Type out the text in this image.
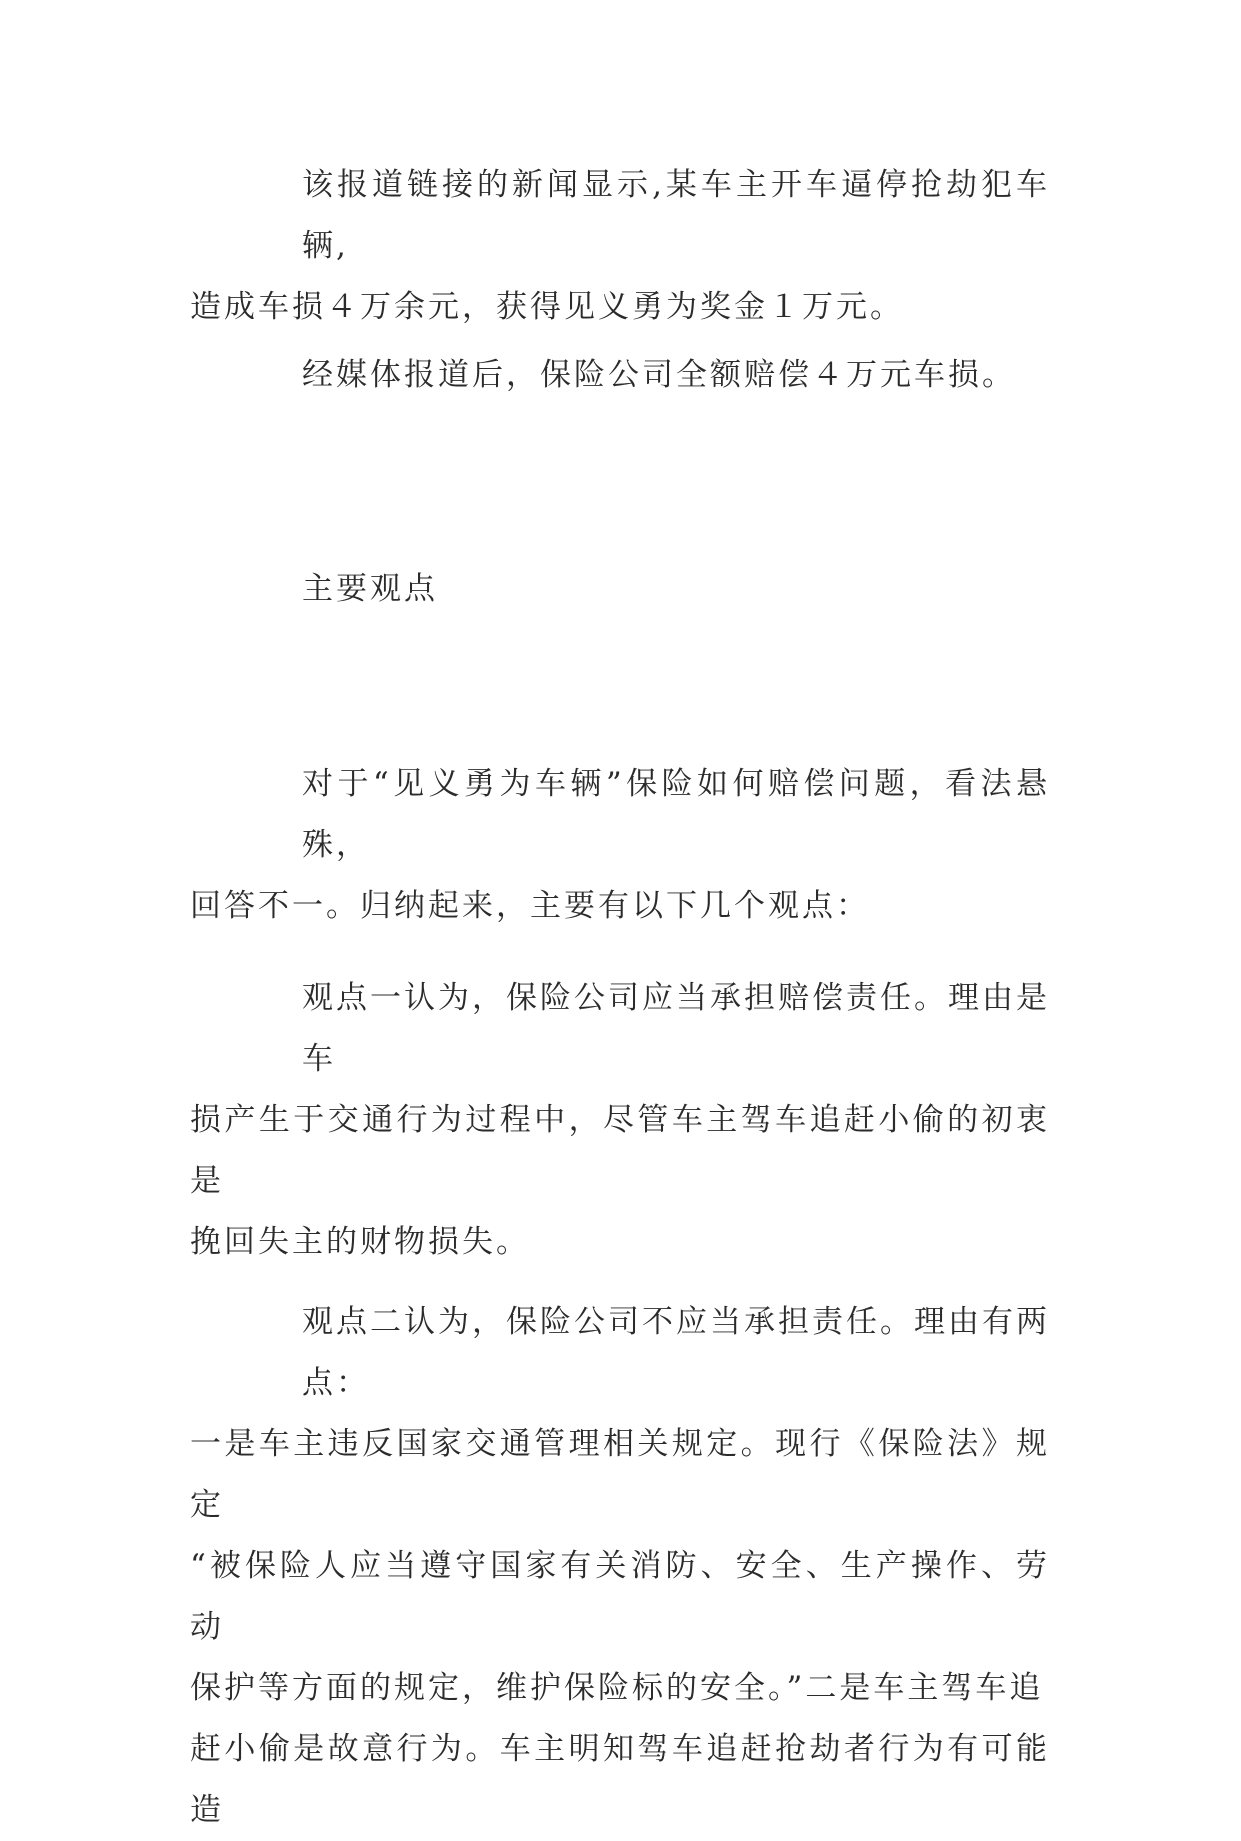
该报道链接的新闻显示,某车主开车逼停抢劫犯车辆,
造成车损４万余元，获得见义勇为奖金１万元。
经媒体报道后，保险公司全额赔偿４万元车损。
主要观点
对于“见义勇为车辆”保险如何赔偿问题，看法悬殊，
回答不一。归纳起来，主要有以下几个观点：
观点一认为，保险公司应当承担赔偿责任。理由是车
损产生于交通行为过程中，尽管车主驾车追赶小偷的初衷是
挽回失主的财物损失。
观点二认为，保险公司不应当承担责任。理由有两点：
一是车主违反国家交通管理相关规定。现行《保险法》规定
“被保险人应当遵守国家有关消防、安全、生产操作、劳动
保护等方面的规定，维护保险标的安全。”二是车主驾车追
赶小偷是故意行为。车主明知驾车追赶抢劫者行为有可能造
